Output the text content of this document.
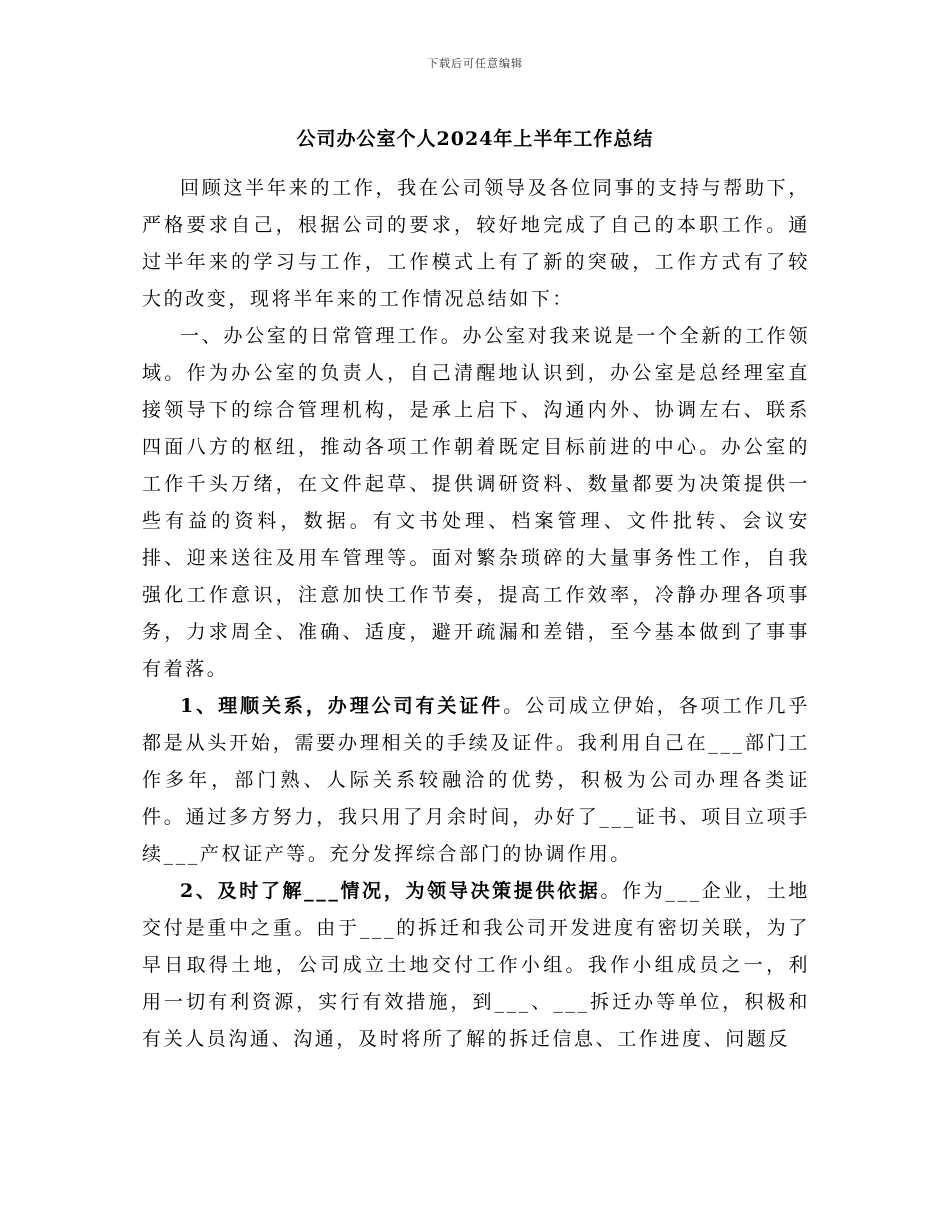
下载后可任意编辑
公司办公室个人2024年上半年工作总结

回顾这半年来的工作，我在公司领导及各位同事的支持与帮助下，严格要求自己，根据公司的要求，较好地完成了自己的本职工作。通过半年来的学习与工作，工作模式上有了新的突破，工作方式有了较大的改变，现将半年来的工作情况总结如下：

一、办公室的日常管理工作。办公室对我来说是一个全新的工作领域。作为办公室的负责人，自己清醒地认识到，办公室是总经理室直接领导下的综合管理机构，是承上启下、沟通内外、协调左右、联系四面八方的枢纽，推动各项工作朝着既定目标前进的中心。办公室的工作千头万绪，在文件起草、提供调研资料、数量都要为决策提供一些有益的资料，数据。有文书处理、档案管理、文件批转、会议安排、迎来送往及用车管理等。面对繁杂琐碎的大量事务性工作，自我强化工作意识，注意加快工作节奏，提高工作效率，冷静办理各项事务，力求周全、准确、适度，避开疏漏和差错，至今基本做到了事事有着落。

1、理顺关系，办理公司有关证件。公司成立伊始，各项工作几乎都是从头开始，需要办理相关的手续及证件。我利用自己在___部门工作多年，部门熟、人际关系较融洽的优势，积极为公司办理各类证件。通过多方努力，我只用了月余时间，办好了___证书、项目立项手续___产权证产等。充分发挥综合部门的协调作用。

2、及时了解___情况，为领导决策提供依据。作为___企业，土地交付是重中之重。由于___的拆迁和我公司开发进度有密切关联，为了早日取得土地，公司成立土地交付工作小组。我作小组成员之一，利用一切有利资源，实行有效措施，到___、___拆迁办等单位，积极和有关人员沟通、沟通，及时将所了解的拆迁信息、工作进度、问题反
